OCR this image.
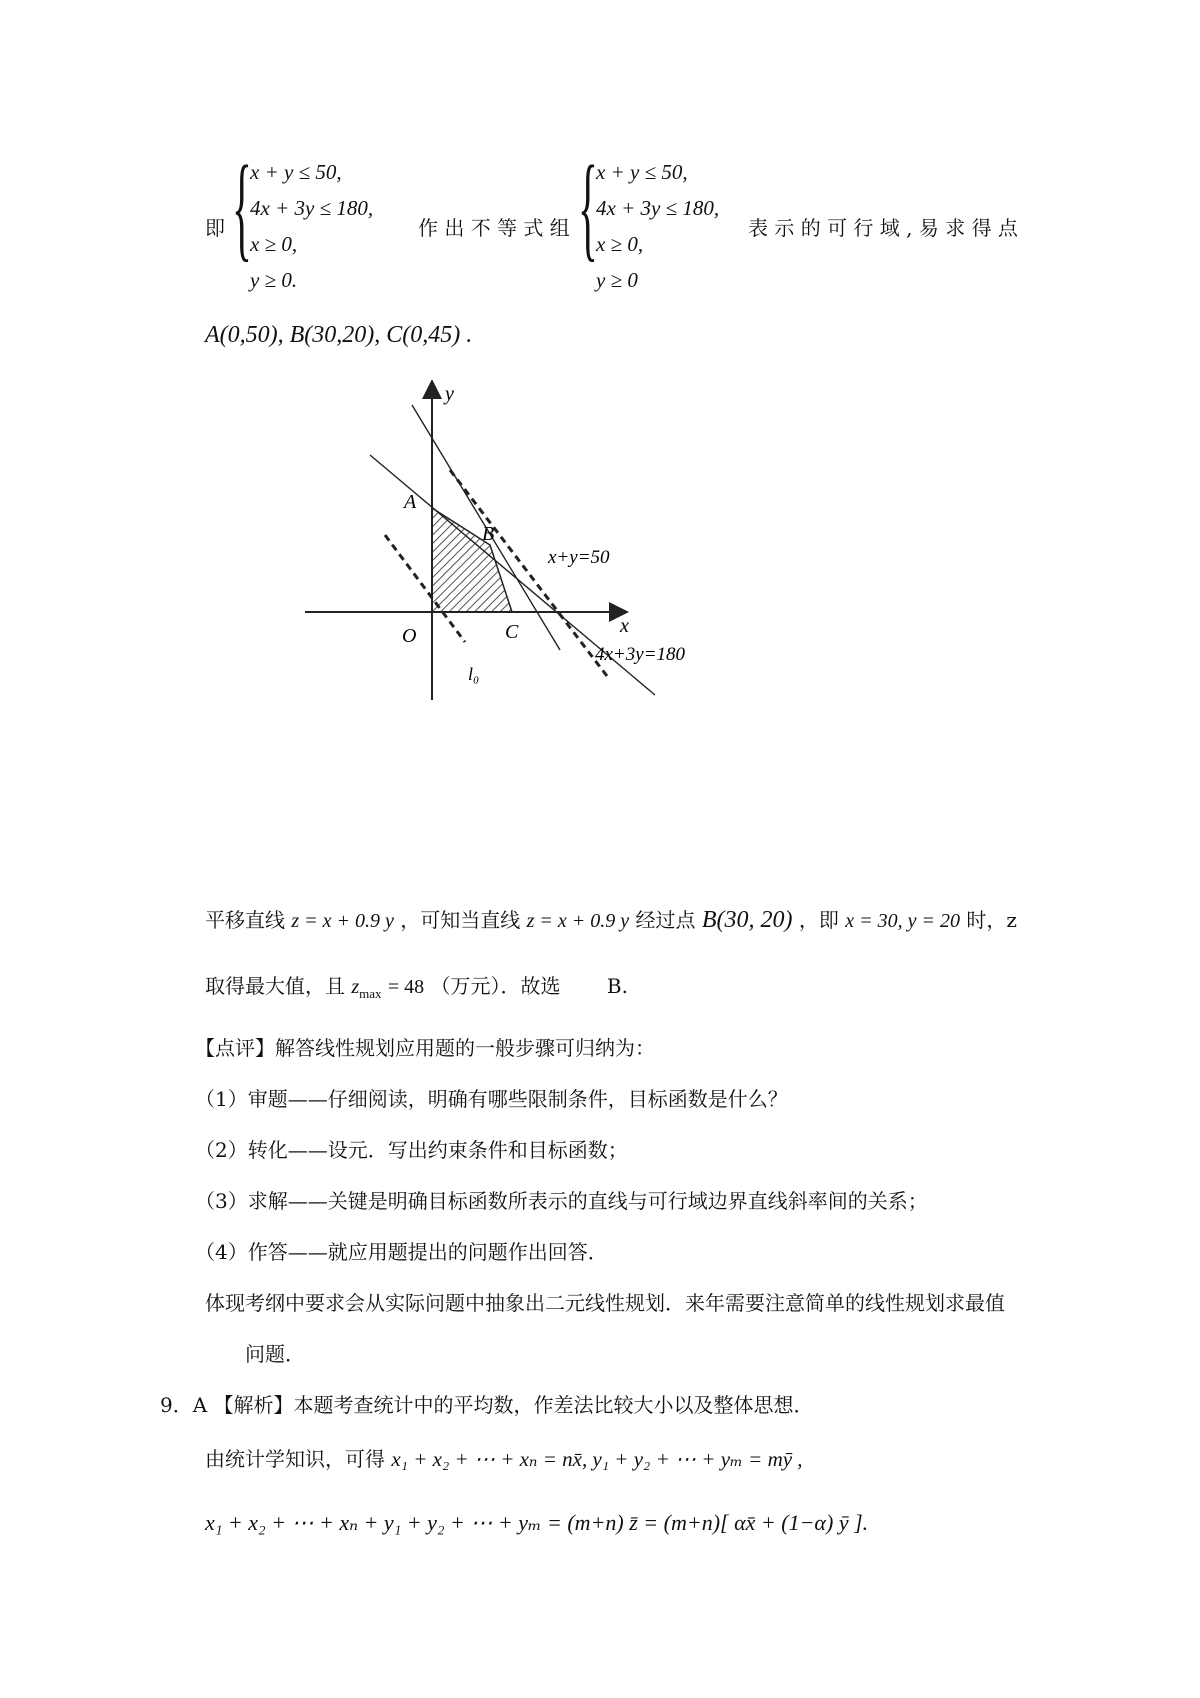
即 {
x + y ≤ 50,
4x + 3y ≤ 180,
x ≥ 0,
y ≥ 0.
作 出 不 等 式 组 {
x + y ≤ 50,
4x + 3y ≤ 180,
x ≥ 0,
y ≥ 0
表 示 的 可 行 域 , 易 求 得 点
A(0,50), B(30,20), C(0,45) .
y
x
O
A
B
C
l₀
x+y=50
4x+3y=180
平移直线 z = x + 0.9 y ，可知当直线 z = x + 0.9 y 经过点 B(30, 20) ，即 x = 30, y = 20 时，z
取得最大值，且 $z_{max} = 48$ （万元）．故选 B.
【点评】解答线性规划应用题的一般步骤可归纳为：
（1）审题——仔细阅读，明确有哪些限制条件，目标函数是什么？
（2）转化——设元．写出约束条件和目标函数；
（3）求解——关键是明确目标函数所表示的直线与可行域边界直线斜率间的关系；
（4）作答——就应用题提出的问题作出回答．
体现考纲中要求会从实际问题中抽象出二元线性规划．来年需要注意简单的线性规划求最值
问题．
9．A 【解析】本题考查统计中的平均数，作差法比较大小以及整体思想．
由统计学知识，可得 x₁ + x₂ + ⋯ + xₙ = nx̄, y₁ + y₂ + ⋯ + yₘ = mȳ ,
x₁ + x₂ + ⋯ + xₙ + y₁ + y₂ + ⋯ + yₘ = (m+n) z̄ = (m+n)[ αx̄ + (1−α) ȳ ].
